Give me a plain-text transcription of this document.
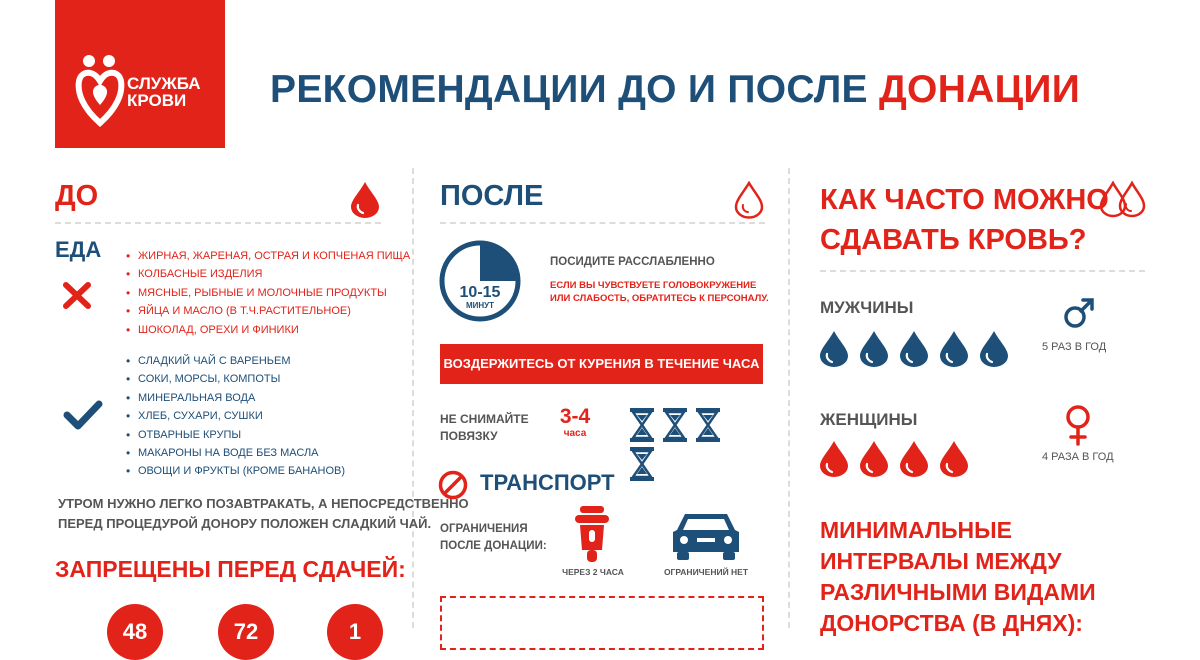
СЛУЖБА
КРОВИ	РЕКОМЕНДАЦИИ ДО И ПОСЛЕ ДОНАЦИИ
ДО
ЕДА
•	ЖИРНАЯ, ЖАРЕНАЯ, ОСТРАЯ И КОПЧЕНАЯ ПИЩА
• КОЛБАСНЫЕ ИЗДЕЛИЯ
• МЯСНЫЕ, РЫБНЫЕ И МОЛОЧНЫЕ ПРОДУКТЫ
• ЯЙЦА И МАСЛО (В Т.Ч.РАСТИТЕЛЬНОЕ)
• ШОКОЛАД, ОРЕХИ И ФИНИКИ
• СЛАДКИЙ ЧАЙ С ВАРЕНЬЕМ
• СОКИ, МОРСЫ, КОМПОТЫ
• МИНЕРАЛЬНАЯ ВОДА
• ХЛЕБ, СУХАРИ, СУШКИ
• ОТВАРНЫЕ КРУПЫ
• МАКАРОНЫ НА ВОДЕ БЕЗ МАСЛА
• ОВОЩИ И ФРУКТЫ (КРОМЕ БАНАНОВ)
УТРОМ НУЖНО ЛЕГКО ПОЗАВТРАКАТЬ, А НЕПОСРЕДСТВЕННО
ПЕРЕД ПРОЦЕДУРОЙ ДОНОРУ ПОЛОЖЕН СЛАДКИЙ ЧАЙ.
ЗАПРЕЩЕНЫ ПЕРЕД СДАЧЕЙ:
48	72	1
ПОСЛЕ
10-15
МИНУТ
ПОСИДИТЕ РАССЛАБЛЕННО
ЕСЛИ ВЫ ЧУВСТВУЕТЕ ГОЛОВОКРУЖЕНИЕ
ИЛИ СЛАБОСТЬ, ОБРАТИТЕСЬ К ПЕРСОНАЛУ.
ВОЗДЕРЖИТЕСЬ ОТ КУРЕНИЯ В ТЕЧЕНИЕ ЧАСА
НЕ СНИМАЙТЕ
ПОВЯЗКУ
3-4
часа
ТРАНСПОРТ
ОГРАНИЧЕНИЯ
ПОСЛЕ ДОНАЦИИ:
ЧЕРЕЗ 2 ЧАСА	ОГРАНИЧЕНИЙ НЕТ
КАК ЧАСТО МОЖНО
СДАВАТЬ КРОВЬ?
МУЖЧИНЫ
5 РАЗ В ГОД
ЖЕНЩИНЫ
4 РАЗА В ГОД
МИНИМАЛЬНЫЕ
ИНТЕРВАЛЫ МЕЖДУ
РАЗЛИЧНЫМИ ВИДАМИ
ДОНОРСТВА (В ДНЯХ):
